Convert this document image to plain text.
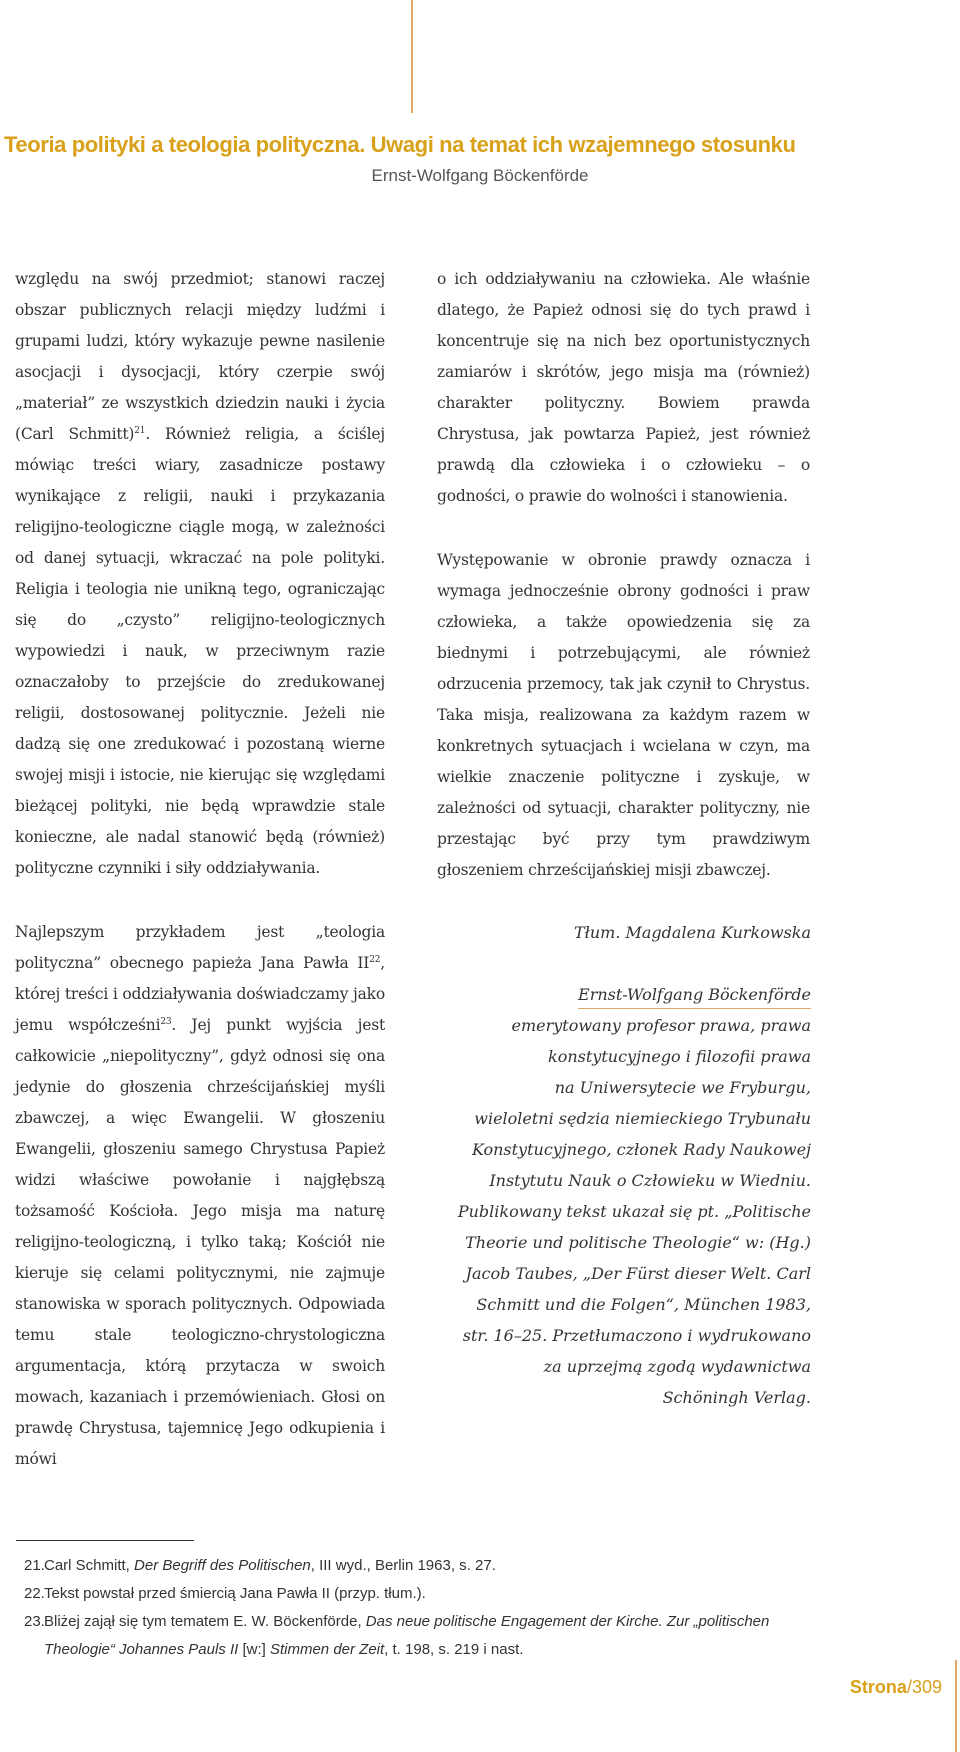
Teoria polityki a teologia polityczna. Uwagi na temat ich wzajemnego stosunku
Ernst-Wolfgang Böckenförde

względu na swój przedmiot; stanowi raczej obszar publicznych relacji między ludźmi i grupami ludzi, który wykazuje pewne nasilenie asocjacji i dysocjacji, który czerpie swój „materiał” ze wszystkich dziedzin nauki i życia (Carl Schmitt)$^{21}$. Również religia, a ściślej mówiąc treści wiary, zasadnicze postawy wynikające z religii, nauki i przykazania religijno-teologiczne ciągle mogą, w zależności od danej sytuacji, wkraczać na pole polityki. Religia i teologia nie unikną tego, ograniczając się do „czysto” religijno-teologicznych wypowiedzi i nauk, w przeciwnym razie oznaczałoby to przejście do zredukowanej religii, dostosowanej politycznie. Jeżeli nie dadzą się one zredukować i pozostaną wierne swojej misji i istocie, nie kierując się względami bieżącej polityki, nie będą wprawdzie stale konieczne, ale nadal stanowić będą (również) polityczne czynniki i siły oddziaływania.

Najlepszym przykładem jest „teologia polityczna” obecnego papieża Jana Pawła II$^{22}$, której treści i oddziaływania doświadczamy jako jemu współcześni$^{23}$. Jej punkt wyjścia jest całkowicie „niepolityczny”, gdyż odnosi się ona jedynie do głoszenia chrześcijańskiej myśli zbawczej, a więc Ewangelii. W głoszeniu Ewangelii, głoszeniu samego Chrystusa Papież widzi właściwe powołanie i najgłębszą tożsamość Kościoła. Jego misja ma naturę religijno-teologiczną, i tylko taką; Kościół nie kieruje się celami politycznymi, nie zajmuje stanowiska w sporach politycznych. Odpowiada temu stale teologiczno-chrystologiczna argumentacja, którą przytacza w swoich mowach, kazaniach i przemówieniach. Głosi on prawdę Chrystusa, tajemnicę Jego odkupienia i mówi

o ich oddziaływaniu na człowieka. Ale właśnie dlatego, że Papież odnosi się do tych prawd i koncentruje się na nich bez oportunistycznych zamiarów i skrótów, jego misja ma (również) charakter polityczny. Bowiem prawda Chrystusa, jak powtarza Papież, jest również prawdą dla człowieka i o człowieku – o godności, o prawie do wolności i stanowienia.

Występowanie w obronie prawdy oznacza i wymaga jednocześnie obrony godności i praw człowieka, a także opowiedzenia się za biednymi i potrzebującymi, ale również odrzucenia przemocy, tak jak czynił to Chrystus. Taka misja, realizowana za każdym razem w konkretnych sytuacjach i wcielana w czyn, ma wielkie znaczenie polityczne i zyskuje, w zależności od sytuacji, charakter polityczny, nie przestając być przy tym prawdziwym głoszeniem chrześcijańskiej misji zbawczej.

Tłum. Magdalena Kurkowska

Ernst-Wolfgang Böckenförde

emerytowany profesor prawa, prawa

konstytucyjnego i filozofii prawa

na Uniwersytecie we Fryburgu,

wieloletni sędzia niemieckiego Trybunału

Konstytucyjnego, członek Rady Naukowej

Instytutu Nauk o Człowieku w Wiedniu.

Publikowany tekst ukazał się pt. „Politische

Theorie und politische Theologie“ w: (Hg.)

Jacob Taubes, „Der Fürst dieser Welt. Carl

Schmitt und die Folgen“, München 1983,

str. 16–25. Przetłumaczono i wydrukowano

za uprzejmą zgodą wydawnictwa

Schöningh Verlag.

21. Carl Schmitt, Der Begriff des Politischen, III wyd., Berlin 1963, s. 27.
22. Tekst powstał przed śmiercią Jana Pawła II (przyp. tłum.).
23. Bliżej zajął się tym tematem E. W. Böckenförde, Das neue politische Engagement der Kirche. Zur „politischen Theologie“ Johannes Pauls II [w:] Stimmen der Zeit, t. 198, s. 219 i nast.
Strona/309
